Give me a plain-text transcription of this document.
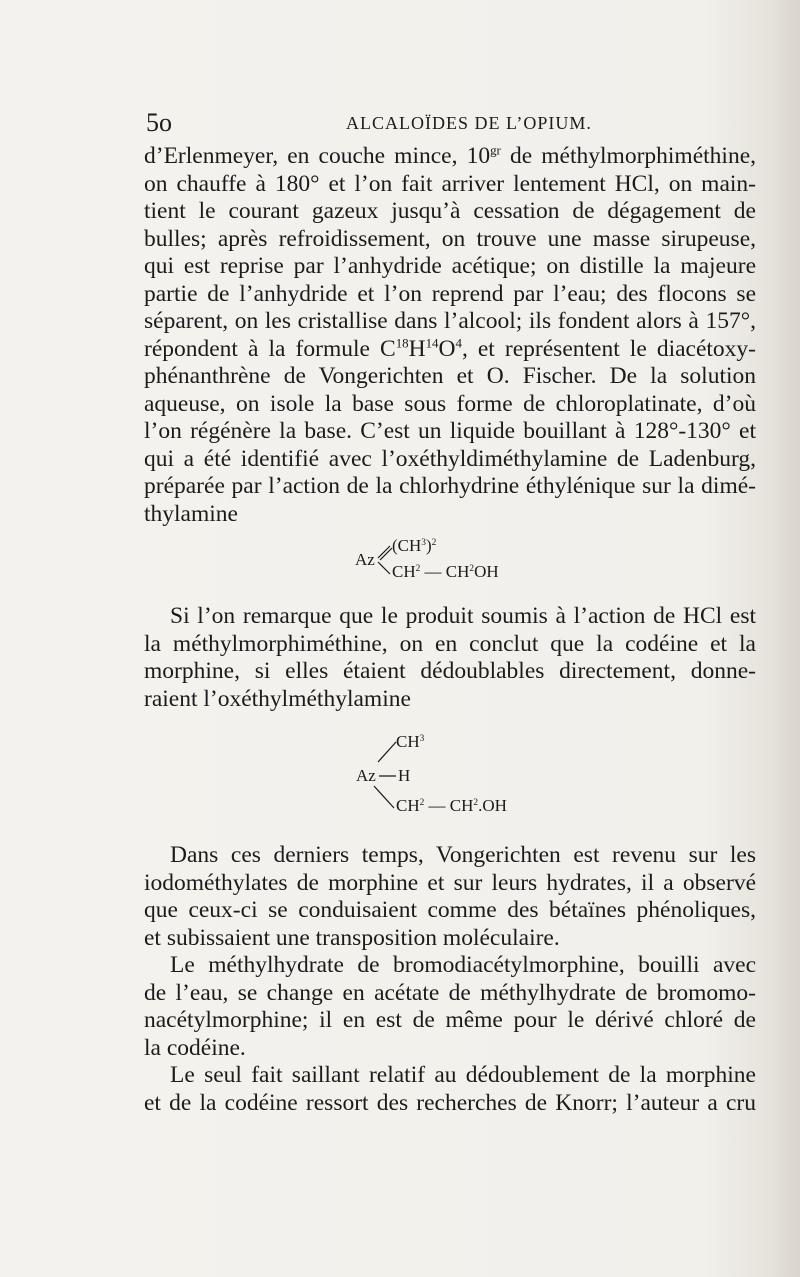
5o	ALCALOÏDES DE L’OPIUM.
d’Erlenmeyer, en couche mince, $10^{gr}$ de méthylmorphiméthine,
on chauffe à 180° et l’on fait arriver lentement HCl, on main-
tient le courant gazeux jusqu’à cessation de dégagement de
bulles; après refroidissement, on trouve une masse sirupeuse,
qui est reprise par l’anhydride acétique; on distille la majeure
partie de l’anhydride et l’on reprend par l’eau; des flocons se
séparent, on les cristallise dans l’alcool; ils fondent alors à 157°,
répondent à la formule $C^{18}H^{14}O^4$, et représentent le diacétoxy-
phénanthrène de Vongerichten et O. Fischer. De la solution
aqueuse, on isole la base sous forme de chloroplatinate, d’où
l’on régénère la base. C’est un liquide bouillant à 128°-130° et
qui a été identifié avec l’oxéthyldiméthylamine de Ladenburg,
préparée par l’action de la chlorhydrine éthylénique sur la dimé-
thylamine
Az
$(CH^3)^2$
$CH^2$ — $CH^2OH$
Si l’on remarque que le produit soumis à l’action de HCl est
la méthylmorphiméthine, on en conclut que la codéine et la
morphine, si elles étaient dédoublables directement, donne-
raient l’oxéthylméthylamine
Az
$CH^3$
H
$CH^2$ — $CH^2.OH$
Dans ces derniers temps, Vongerichten est revenu sur les
iodométhylates de morphine et sur leurs hydrates, il a observé
que ceux-ci se conduisaient comme des bétaïnes phénoliques,
et subissaient une transposition moléculaire.
Le méthylhydrate de bromodiacétylmorphine, bouilli avec
de l’eau, se change en acétate de méthylhydrate de bromomo-
nacétylmorphine; il en est de même pour le dérivé chloré de
la codéine.
Le seul fait saillant relatif au dédoublement de la morphine
et de la codéine ressort des recherches de Knorr; l’auteur a cru
